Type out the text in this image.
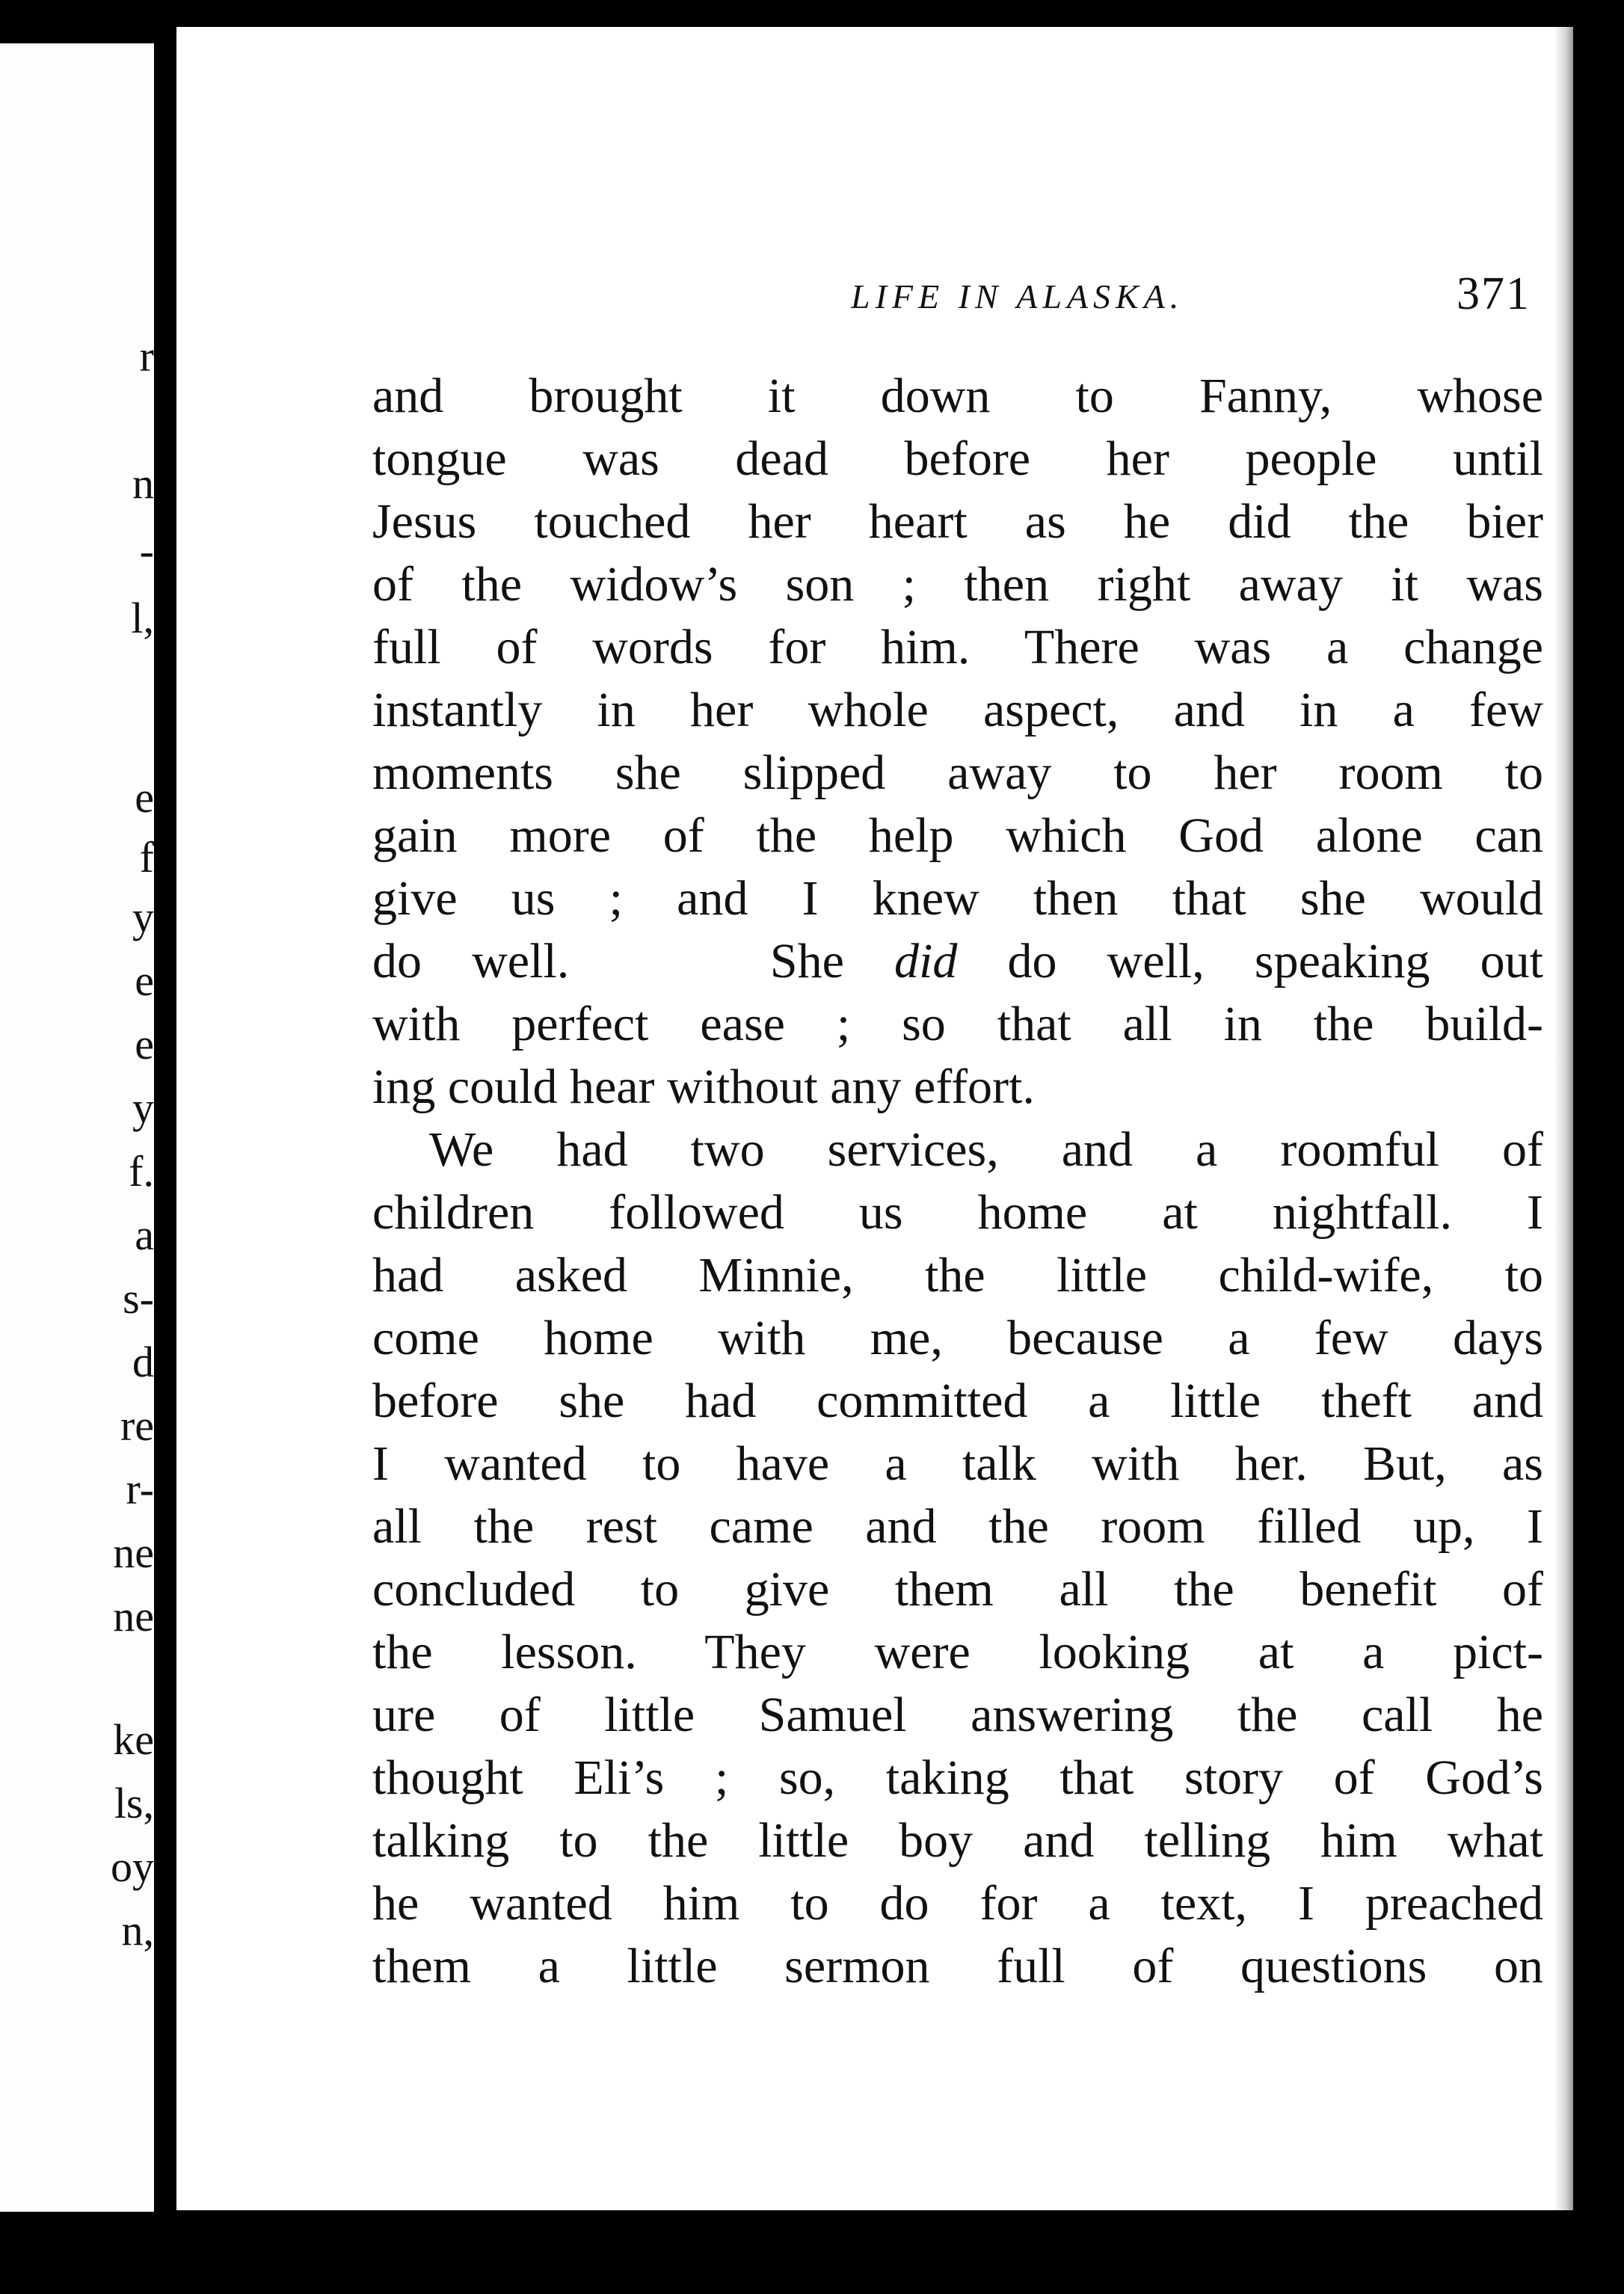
r
n
-
l,
e
f
y
e
e
y
f.
a
s-
d
re
r-
ne
ne
ke
ls,
oy
n,
LIFE IN ALASKA.	371
and brought it down to Fanny, whose
tongue was dead before her people until
Jesus touched her heart as he did the bier
of the widow’s son ; then right away it was
full of words for him. There was a change
instantly in her whole aspect, and in a few
moments she slipped away to her room to
gain more of the help which God alone can
give us ; and I knew then that she would
do well.	She did do well, speaking out
with perfect ease ; so that all in the build-
ing could hear without any effort.
We had two services, and a roomful of
children followed us home at nightfall. I
had asked Minnie, the little child-wife, to
come home with me, because a few days
before she had committed a little theft and
I wanted to have a talk with her. But, as
all the rest came and the room filled up, I
concluded to give them all the benefit of
the lesson. They were looking at a pict-
ure of little Samuel answering the call he
thought Eli’s ; so, taking that story of God’s
talking to the little boy and telling him what
he wanted him to do for a text, I preached
them a little sermon full of questions on
